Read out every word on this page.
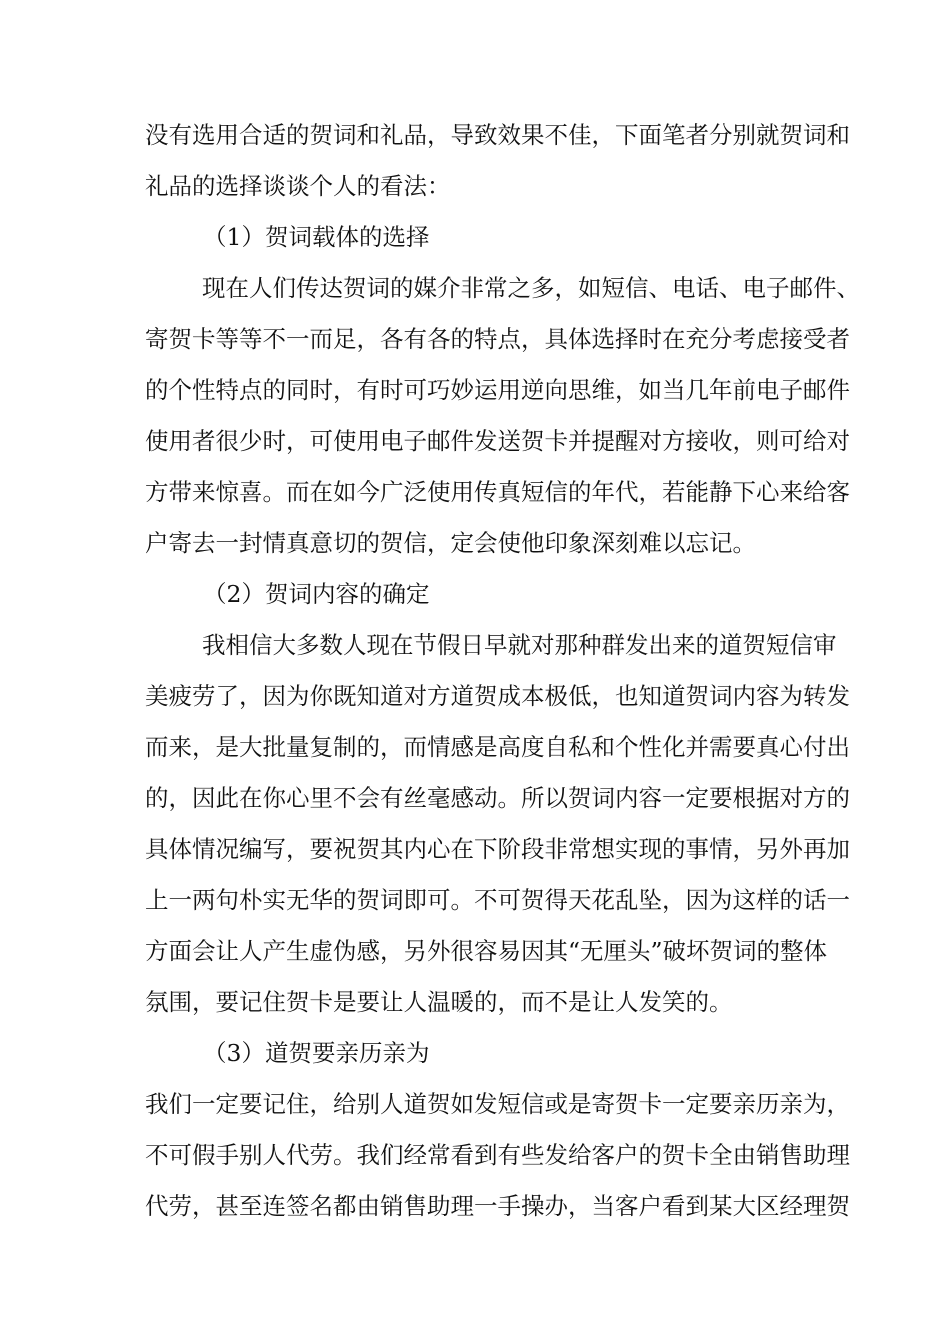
没有选用合适的贺词和礼品，导致效果不佳，下面笔者分别就贺词和
礼品的选择谈谈个人的看法：
（1）贺词载体的选择
现在人们传达贺词的媒介非常之多，如短信、电话、电子邮件、
寄贺卡等等不一而足，各有各的特点，具体选择时在充分考虑接受者
的个性特点的同时，有时可巧妙运用逆向思维，如当几年前电子邮件
使用者很少时，可使用电子邮件发送贺卡并提醒对方接收，则可给对
方带来惊喜。而在如今广泛使用传真短信的年代，若能静下心来给客
户寄去一封情真意切的贺信，定会使他印象深刻难以忘记。
（2）贺词内容的确定
我相信大多数人现在节假日早就对那种群发出来的道贺短信审
美疲劳了，因为你既知道对方道贺成本极低，也知道贺词内容为转发
而来，是大批量复制的，而情感是高度自私和个性化并需要真心付出
的，因此在你心里不会有丝毫感动。所以贺词内容一定要根据对方的
具体情况编写，要祝贺其内心在下阶段非常想实现的事情，另外再加
上一两句朴实无华的贺词即可。不可贺得天花乱坠，因为这样的话一
方面会让人产生虚伪感，另外很容易因其“无厘头”破坏贺词的整体
氛围，要记住贺卡是要让人温暖的，而不是让人发笑的。
（3）道贺要亲历亲为
我们一定要记住，给别人道贺如发短信或是寄贺卡一定要亲历亲为，
不可假手别人代劳。我们经常看到有些发给客户的贺卡全由销售助理
代劳，甚至连签名都由销售助理一手操办，当客户看到某大区经理贺
